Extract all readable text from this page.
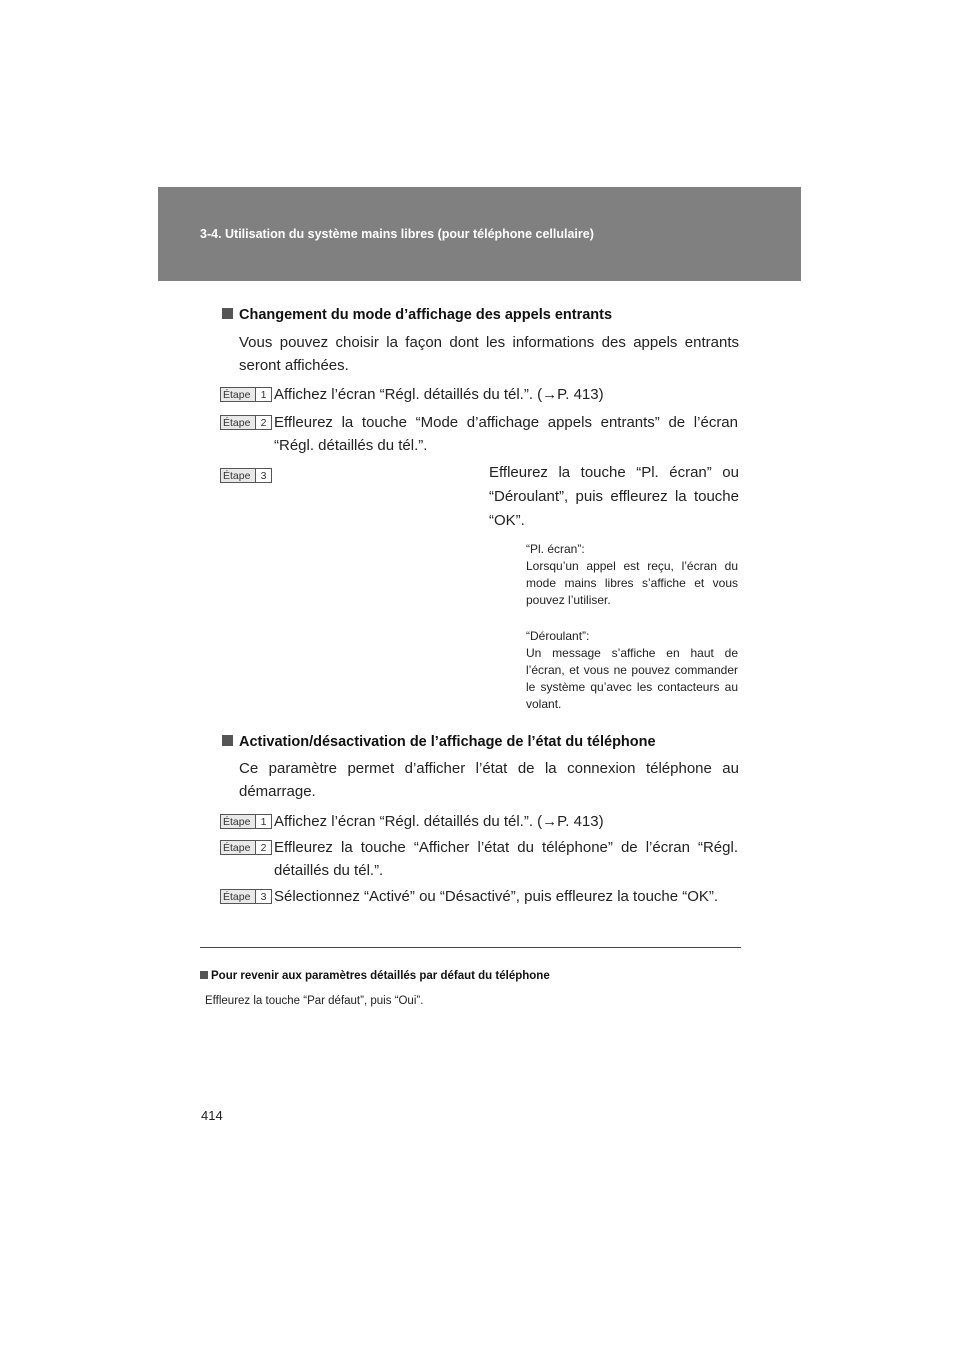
3-4. Utilisation du système mains libres (pour téléphone cellulaire)
Changement du mode d’affichage des appels entrants
Vous pouvez choisir la façon dont les informations des appels entrants seront affichées.
Étape 1 Affichez l’écran “Régl. détaillés du tél.”. (→P. 413)
Étape 2 Effleurez la touche “Mode d’affichage appels entrants” de l’écran “Régl. détaillés du tél.”.
Étape 3	Effleurez la touche “Pl. écran” ou “Déroulant”, puis effleurez la touche “OK”.
“Pl. écran”:
Lorsqu’un appel est reçu, l’écran du mode mains libres s’affiche et vous pouvez l’utiliser.
“Déroulant”:
Un message s’affiche en haut de l’écran, et vous ne pouvez commander le système qu’avec les contacteurs au volant.
Activation/désactivation de l’affichage de l’état du téléphone
Ce paramètre permet d’afficher l’état de la connexion téléphone au démarrage.
Étape 1 Affichez l’écran “Régl. détaillés du tél.”. (→P. 413)
Étape 2 Effleurez la touche “Afficher l’état du téléphone” de l’écran “Régl. détaillés du tél.”.
Étape 3 Sélectionnez “Activé” ou “Désactivé”, puis effleurez la touche “OK”.
Pour revenir aux paramètres détaillés par défaut du téléphone
Effleurez la touche “Par défaut”, puis “Oui”.
414
